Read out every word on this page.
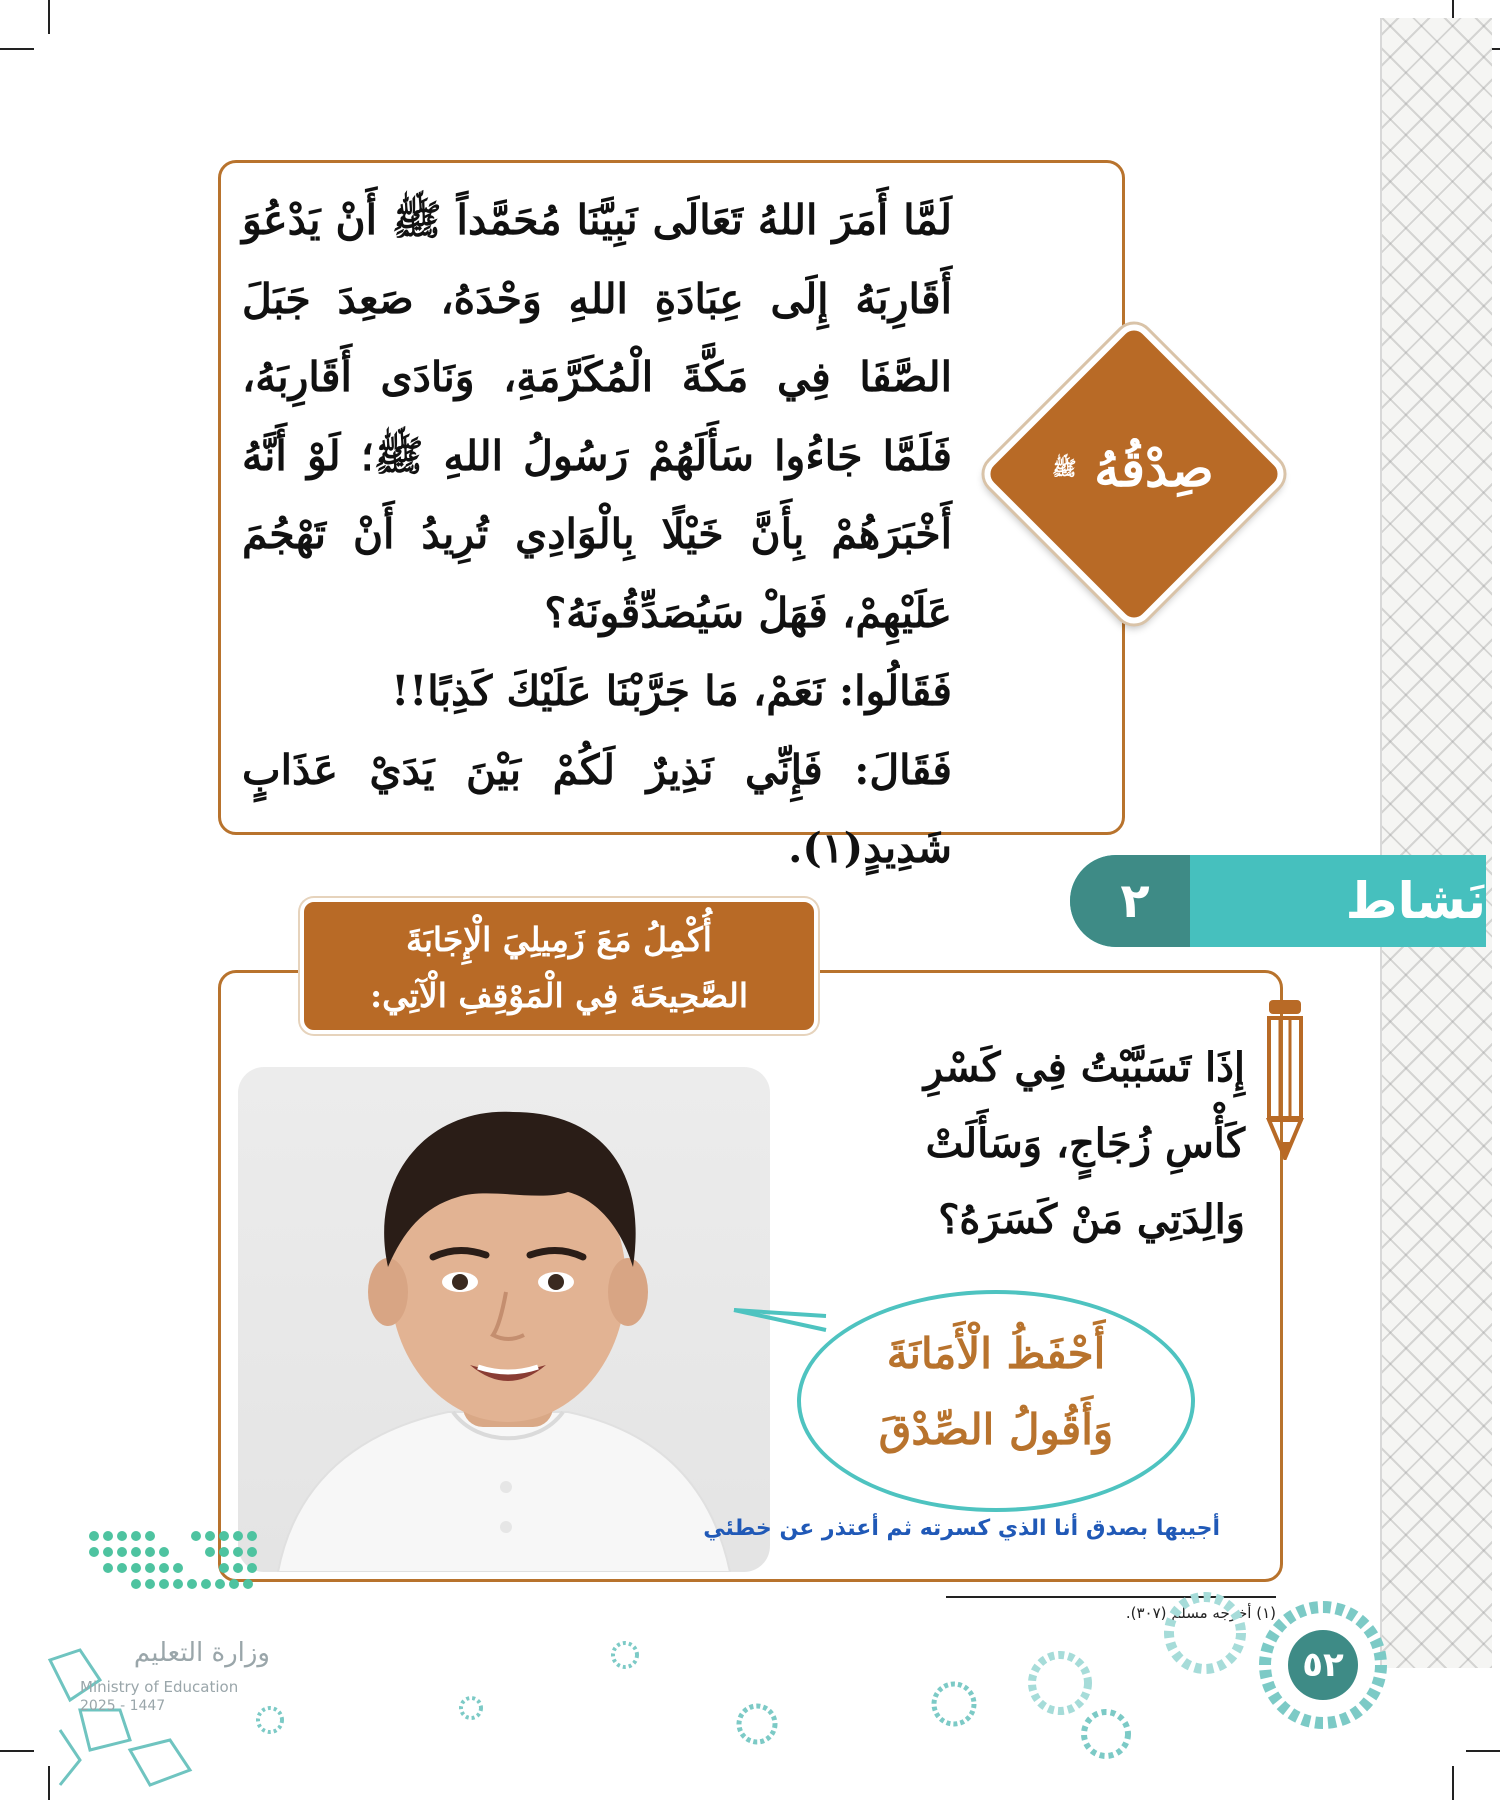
لَمَّا أَمَرَ اللهُ تَعَالَى نَبِيَّنَا مُحَمَّداً ﷺ أَنْ يَدْعُوَ أَقَارِبَهُ إِلَى عِبَادَةِ اللهِ وَحْدَهُ، صَعِدَ جَبَلَ الصَّفَا فِي مَكَّةَ الْمُكَرَّمَةِ، وَنَادَى أَقَارِبَهُ، فَلَمَّا جَاءُوا سَأَلَهُمْ رَسُولُ اللهِ ﷺ؛ لَوْ أَنَّهُ أَخْبَرَهُمْ بِأَنَّ خَيْلًا بِالْوَادِي تُرِيدُ أَنْ تَهْجُمَ عَلَيْهِمْ، فَهَلْ سَيُصَدِّقُونَهُ؟

فَقَالُوا: نَعَمْ، مَا جَرَّبْنَا عَلَيْكَ كَذِبًا!!

فَقَالَ: فَإِنِّي نَذِيرٌ لَكُمْ بَيْنَ يَدَيْ عَذَابٍ شَدِيدٍ(١).

صِدْقُهُ
ﷺ
نَشاط
٢
أُكْمِلُ مَعَ زَمِيلِيَ الْإِجَابَةَ
الصَّحِيحَةَ فِي الْمَوْقِفِ الْآتِي:

إِذَا تَسَبَّبْتُ فِي كَسْرِ كَأْسِ زُجَاجٍ، وَسَأَلَتْ وَالِدَتِي مَنْ كَسَرَهُ؟

أَحْفَظُ الْأَمَانَةَ
وَأَقُولُ الصِّدْقَ
أجيبها بصدق أنا الذي كسرته ثم أعتذر عن خطئي
(١) أخرجه مسلم (٣٠٧).
٥٢
وزارة التعليم
Ministry of Education
2025 - 1447
